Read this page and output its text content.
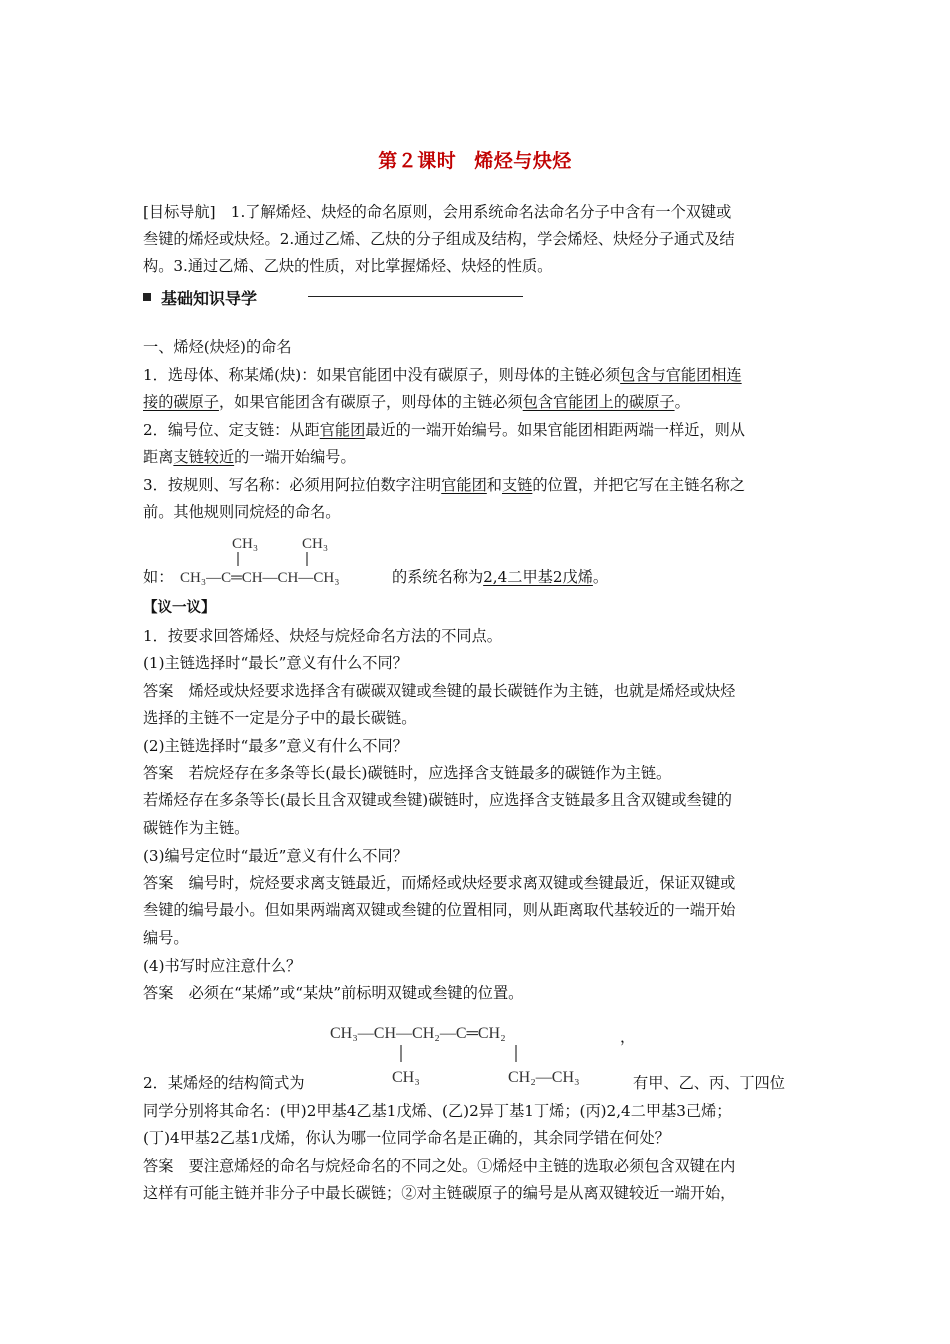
第２课时 烯烃与炔烃
[目标导航]　1.了解烯烃、炔烃的命名原则，会用系统命名法命名分子中含有一个双键或
叁键的烯烃或炔烃。2.通过乙烯、乙炔的分子组成及结构，学会烯烃、炔烃分子通式及结
构。3.通过乙烯、乙炔的性质，对比掌握烯烃、炔烃的性质。
基础知识导学
一、烯烃(炔烃)的命名
1．选母体、称某烯(炔)：如果官能团中没有碳原子，则母体的主链必须包含与官能团相连
接的碳原子，如果官能团含有碳原子，则母体的主链必须包含官能团上的碳原子。
2．编号位、定支链：从距官能团最近的一端开始编号。如果官能团相距两端一样近，则从
距离支链较近的一端开始编号。
3．按规则、写名称：必须用阿拉伯数字注明官能团和支链的位置，并把它写在主链名称之
前。其他规则同烷烃的命名。
CH₃	CH₃
CH₃—C═CH—CH—CH₃
如：	的系统名称为2,4二甲基2戊烯。
【议一议】
1．按要求回答烯烃、炔烃与烷烃命名方法的不同点。
(1)主链选择时“最长”意义有什么不同？
答案　烯烃或炔烃要求选择含有碳碳双键或叁键的最长碳链作为主链，也就是烯烃或炔烃
选择的主链不一定是分子中的最长碳链。
(2)主链选择时“最多”意义有什么不同？
答案　若烷烃存在多条等长(最长)碳链时，应选择含支链最多的碳链作为主链。
若烯烃存在多条等长(最长且含双键或叁键)碳链时，应选择含支链最多且含双键或叁键的
碳链作为主链。
(3)编号定位时“最近”意义有什么不同？
答案　编号时，烷烃要求离支链最近，而烯烃或炔烃要求离双键或叁键最近，保证双键或
叁键的编号最小。但如果两端离双键或叁键的位置相同，则从距离取代基较近的一端开始
编号。
(4)书写时应注意什么？
答案　必须在“某烯”或“某炔”前标明双键或叁键的位置。
CH₃—CH—CH₂—C═CH₂
CH₃	CH₂—CH₃
，
2．某烯烃的结构简式为	有甲、乙、丙、丁四位
同学分别将其命名：(甲)2甲基4乙基1戊烯、(乙)2异丁基1丁烯；(丙)2,4二甲基3己烯；
(丁)4甲基2乙基1戊烯，你认为哪一位同学命名是正确的，其余同学错在何处？
答案　要注意烯烃的命名与烷烃命名的不同之处。①烯烃中主链的选取必须包含双键在内
这样有可能主链并非分子中最长碳链；②对主链碳原子的编号是从离双键较近一端开始，
